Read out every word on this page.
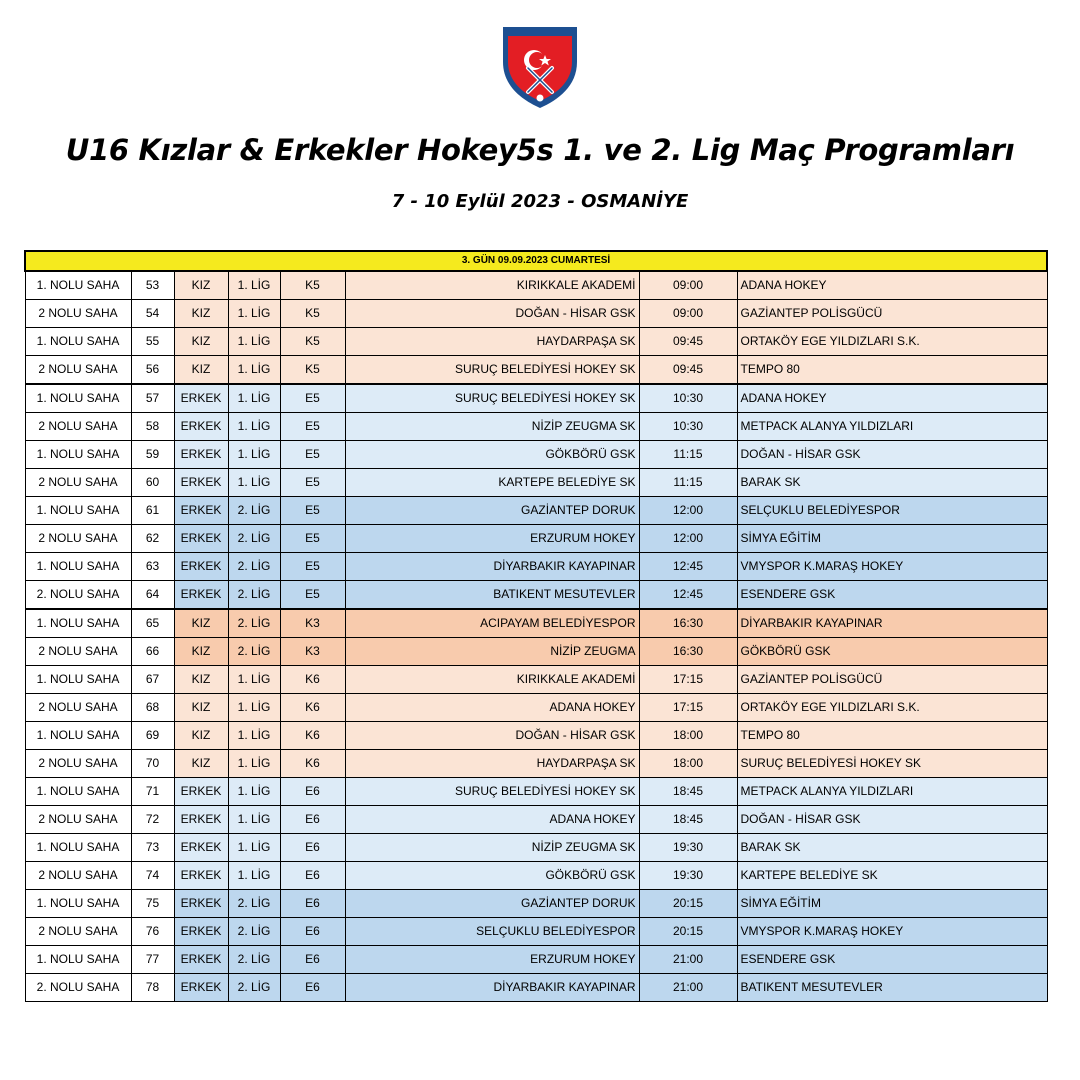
U16 Kızlar & Erkekler Hokey5s 1. ve 2. Lig Maç Programları
7 - 10 Eylül 2023 - OSMANİYE
3. GÜN 09.09.2023 CUMARTESİ							
1. NOLU SAHA	53	KIZ	1. LİG	K5	KIRIKKALE AKADEMİ	09:00	ADANA HOKEY
2 NOLU SAHA	54	KIZ	1. LİG	K5	DOĞAN - HİSAR GSK	09:00	GAZİANTEP POLİSGÜCÜ
1. NOLU SAHA	55	KIZ	1. LİG	K5	HAYDARPAŞA SK	09:45	ORTAKÖY EGE YILDIZLARI S.K.
2 NOLU SAHA	56	KIZ	1. LİG	K5	SURUÇ BELEDİYESİ HOKEY SK	09:45	TEMPO 80
1. NOLU SAHA	57	ERKEK	1. LİG	E5	SURUÇ BELEDİYESİ HOKEY SK	10:30	ADANA HOKEY
2 NOLU SAHA	58	ERKEK	1. LİG	E5	NİZİP ZEUGMA SK	10:30	METPACK ALANYA YILDIZLARI
1. NOLU SAHA	59	ERKEK	1. LİG	E5	GÖKBÖRÜ GSK	11:15	DOĞAN - HİSAR GSK
2 NOLU SAHA	60	ERKEK	1. LİG	E5	KARTEPE BELEDİYE SK	11:15	BARAK SK
1. NOLU SAHA	61	ERKEK	2. LİG	E5	GAZİANTEP DORUK	12:00	SELÇUKLU BELEDİYESPOR
2 NOLU SAHA	62	ERKEK	2. LİG	E5	ERZURUM HOKEY	12:00	SİMYA EĞİTİM
1. NOLU SAHA	63	ERKEK	2. LİG	E5	DİYARBAKIR KAYAPINAR	12:45	VMYSPOR K.MARAŞ HOKEY
2. NOLU SAHA	64	ERKEK	2. LİG	E5	BATIKENT MESUTEVLER	12:45	ESENDERE GSK
1. NOLU SAHA	65	KIZ	2. LİG	K3	ACIPAYAM BELEDİYESPOR	16:30	DİYARBAKIR KAYAPINAR
2 NOLU SAHA	66	KIZ	2. LİG	K3	NİZİP ZEUGMA	16:30	GÖKBÖRÜ GSK
1. NOLU SAHA	67	KIZ	1. LİG	K6	KIRIKKALE AKADEMİ	17:15	GAZİANTEP POLİSGÜCÜ
2 NOLU SAHA	68	KIZ	1. LİG	K6	ADANA HOKEY	17:15	ORTAKÖY EGE YILDIZLARI S.K.
1. NOLU SAHA	69	KIZ	1. LİG	K6	DOĞAN - HİSAR GSK	18:00	TEMPO 80
2 NOLU SAHA	70	KIZ	1. LİG	K6	HAYDARPAŞA SK	18:00	SURUÇ BELEDİYESİ HOKEY SK
1. NOLU SAHA	71	ERKEK	1. LİG	E6	SURUÇ BELEDİYESİ HOKEY SK	18:45	METPACK ALANYA YILDIZLARI
2 NOLU SAHA	72	ERKEK	1. LİG	E6	ADANA HOKEY	18:45	DOĞAN - HİSAR GSK
1. NOLU SAHA	73	ERKEK	1. LİG	E6	NİZİP ZEUGMA SK	19:30	BARAK SK
2 NOLU SAHA	74	ERKEK	1. LİG	E6	GÖKBÖRÜ GSK	19:30	KARTEPE BELEDİYE SK
1. NOLU SAHA	75	ERKEK	2. LİG	E6	GAZİANTEP DORUK	20:15	SİMYA EĞİTİM
2 NOLU SAHA	76	ERKEK	2. LİG	E6	SELÇUKLU BELEDİYESPOR	20:15	VMYSPOR K.MARAŞ HOKEY
1. NOLU SAHA	77	ERKEK	2. LİG	E6	ERZURUM HOKEY	21:00	ESENDERE GSK
2. NOLU SAHA	78	ERKEK	2. LİG	E6	DİYARBAKIR KAYAPINAR	21:00	BATIKENT MESUTEVLER
